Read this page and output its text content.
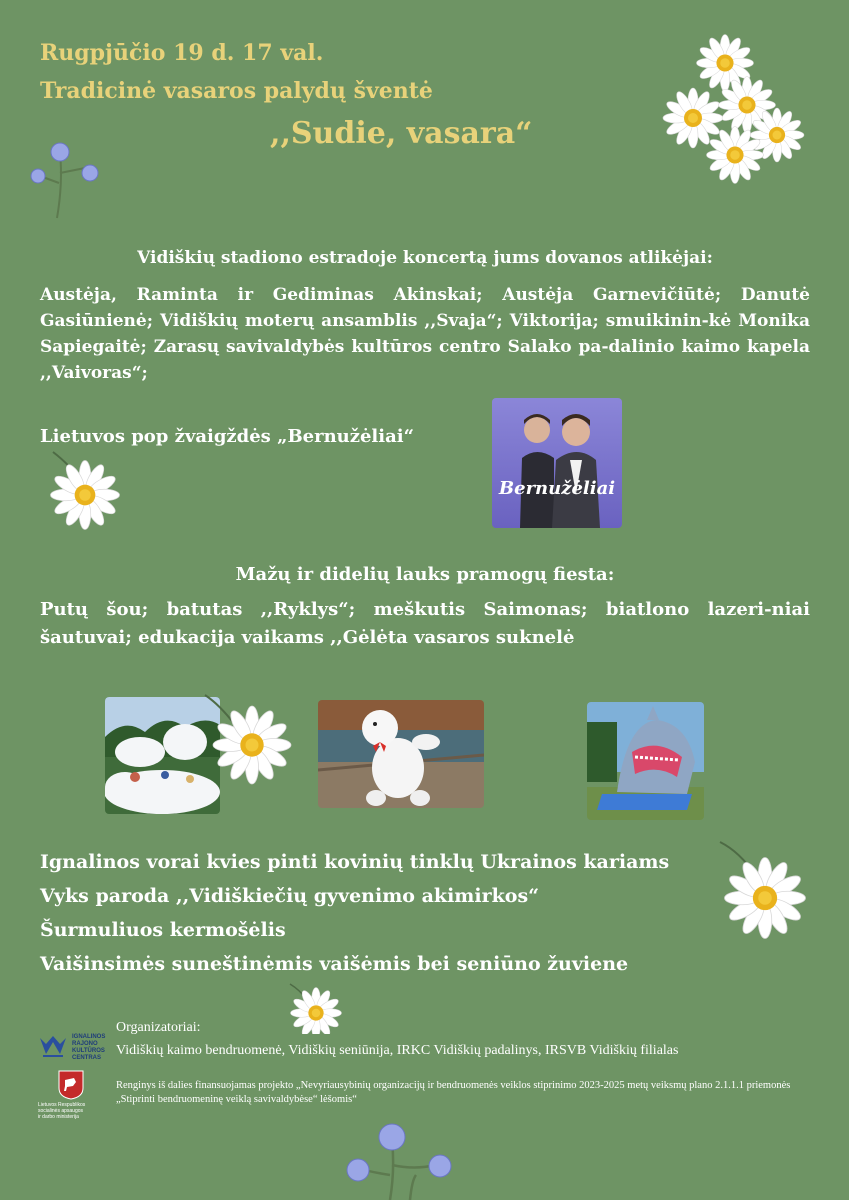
Rugpjūčio 19 d. 17 val.
Tradicinė vasaros palydų šventė
,,Sudie, vasara“
Vidiškių stadiono estradoje koncertą jums dovanos atlikėjai:
Austėja, Raminta ir Gediminas Akinskai; Austėja Garnevičiūtė; Danutė Gasiūnienė; Vidiškių moterų ansamblis ,,Svaja“; Viktorija; smuikinin-kė Monika Sapiegaitė; Zarasų savivaldybės kultūros centro Salako pa-dalinio kaimo kapela ,,Vaivoras“;
Lietuvos pop žvaigždės „Bernužėliai“
Bernužėliai
Mažų ir didelių lauks pramogų fiesta:
Putų šou; batutas ,,Ryklys“; meškutis Saimonas; biatlono lazeri-niai šautuvai; edukacija vaikams ,,Gėlėta vasaros suknelė
Ignalinos vorai kvies pinti kovinių tinklų Ukrainos kariams
Vyks paroda ,,Vidiškiečių gyvenimo akimirkos“
Šurmuliuos kermošėlis
Vaišinsimės suneštinėmis vaišėmis bei seniūno žuviene
IGNALINOS
RAJONO
KULTŪROS
CENTRAS
Organizatoriai:
Vidiškių kaimo bendruomenė, Vidiškių seniūnija, IRKC Vidiškių padalinys, IRSVB Vidiškių filialas
Lietuvos Respublikos
socialinės apsaugos
ir darbo ministerija
Renginys iš dalies finansuojamas projekto „Nevyriausybinių organizacijų ir bendruomenės veiklos stiprinimo 2023-2025 metų veiksmų plano 2.1.1.1 priemonės „Stiprinti bendruomeninę veiklą savivaldybėse“ lėšomis“
